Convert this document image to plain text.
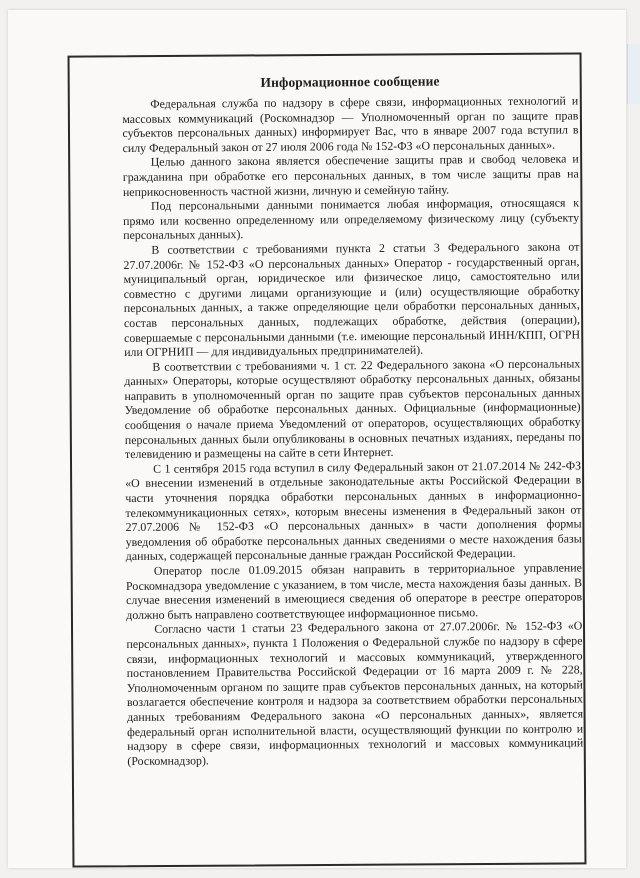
Информационное сообщение

Федеральная служба по надзору в сфере связи, информационных технологий и массовых коммуникаций (Роскомнадзор — Уполномоченный орган по защите прав субъектов персональных данных) информирует Вас, что в январе 2007 года вступил в силу Федеральный закон от 27 июля 2006 года № 152-ФЗ «О персональных данных».

Целью данного закона является обеспечение защиты прав и свобод человека и гражданина при обработке его персональных данных, в том числе защиты прав на неприкосновенность частной жизни, личную и семейную тайну.

Под персональными данными понимается любая информация, относящаяся к прямо или косвенно определенному или определяемому физическому лицу (субъекту персональных данных).

В соответствии с требованиями пункта 2 статьи 3 Федерального закона от 27.07.2006г. № 152-ФЗ «О персональных данных» Оператор - государственный орган, муниципальный орган, юридическое или физическое лицо, самостоятельно или совместно с другими лицами организующие и (или) осуществляющие обработку персональных данных, а также определяющие цели обработки персональных данных, состав персональных данных, подлежащих обработке, действия (операции), совершаемые с персональными данными (т.е. имеющие персональный ИНН/КПП, ОГРН или ОГРНИП — для индивидуальных предпринимателей).

В соответствии с требованиями ч. 1 ст. 22 Федерального закона «О персональных данных» Операторы, которые осуществляют обработку персональных данных, обязаны направить в уполномоченный орган по защите прав субъектов персональных данных Уведомление об обработке персональных данных. Официальные (информационные) сообщения о начале приема Уведомлений от операторов, осуществляющих обработку персональных данных были опубликованы в основных печатных изданиях, переданы по телевидению и размещены на сайте в сети Интернет.

С 1 сентября 2015 года вступил в силу Федеральный закон от 21.07.2014 № 242-ФЗ «О внесении изменений в отдельные законодательные акты Российской Федерации в части уточнения порядка обработки персональных данных в информационно-телекоммуникационных сетях», которым внесены изменения в Федеральный закон от 27.07.2006 № 152-ФЗ «О персональных данных» в части дополнения формы уведомления об обработке персональных данных сведениями о месте нахождения базы данных, содержащей персональные данные граждан Российской Федерации.

Оператор после 01.09.2015 обязан направить в территориальное управление Роскомнадзора уведомление с указанием, в том числе, места нахождения базы данных. В случае внесения изменений в имеющиеся сведения об операторе в реестре операторов должно быть направлено соответствующее информационное письмо.

Согласно части 1 статьи 23 Федерального закона от 27.07.2006г. № 152-ФЗ «О персональных данных», пункта 1 Положения о Федеральной службе по надзору в сфере связи, информационных технологий и массовых коммуникаций, утвержденного постановлением Правительства Российской Федерации от 16 марта 2009 г. № 228, Уполномоченным органом по защите прав субъектов персональных данных, на который возлагается обеспечение контроля и надзора за соответствием обработки персональных данных требованиям Федерального закона «О персональных данных», является федеральный орган исполнительной власти, осуществляющий функции по контролю и надзору в сфере связи, информационных технологий и массовых коммуникаций (Роскомнадзор).
